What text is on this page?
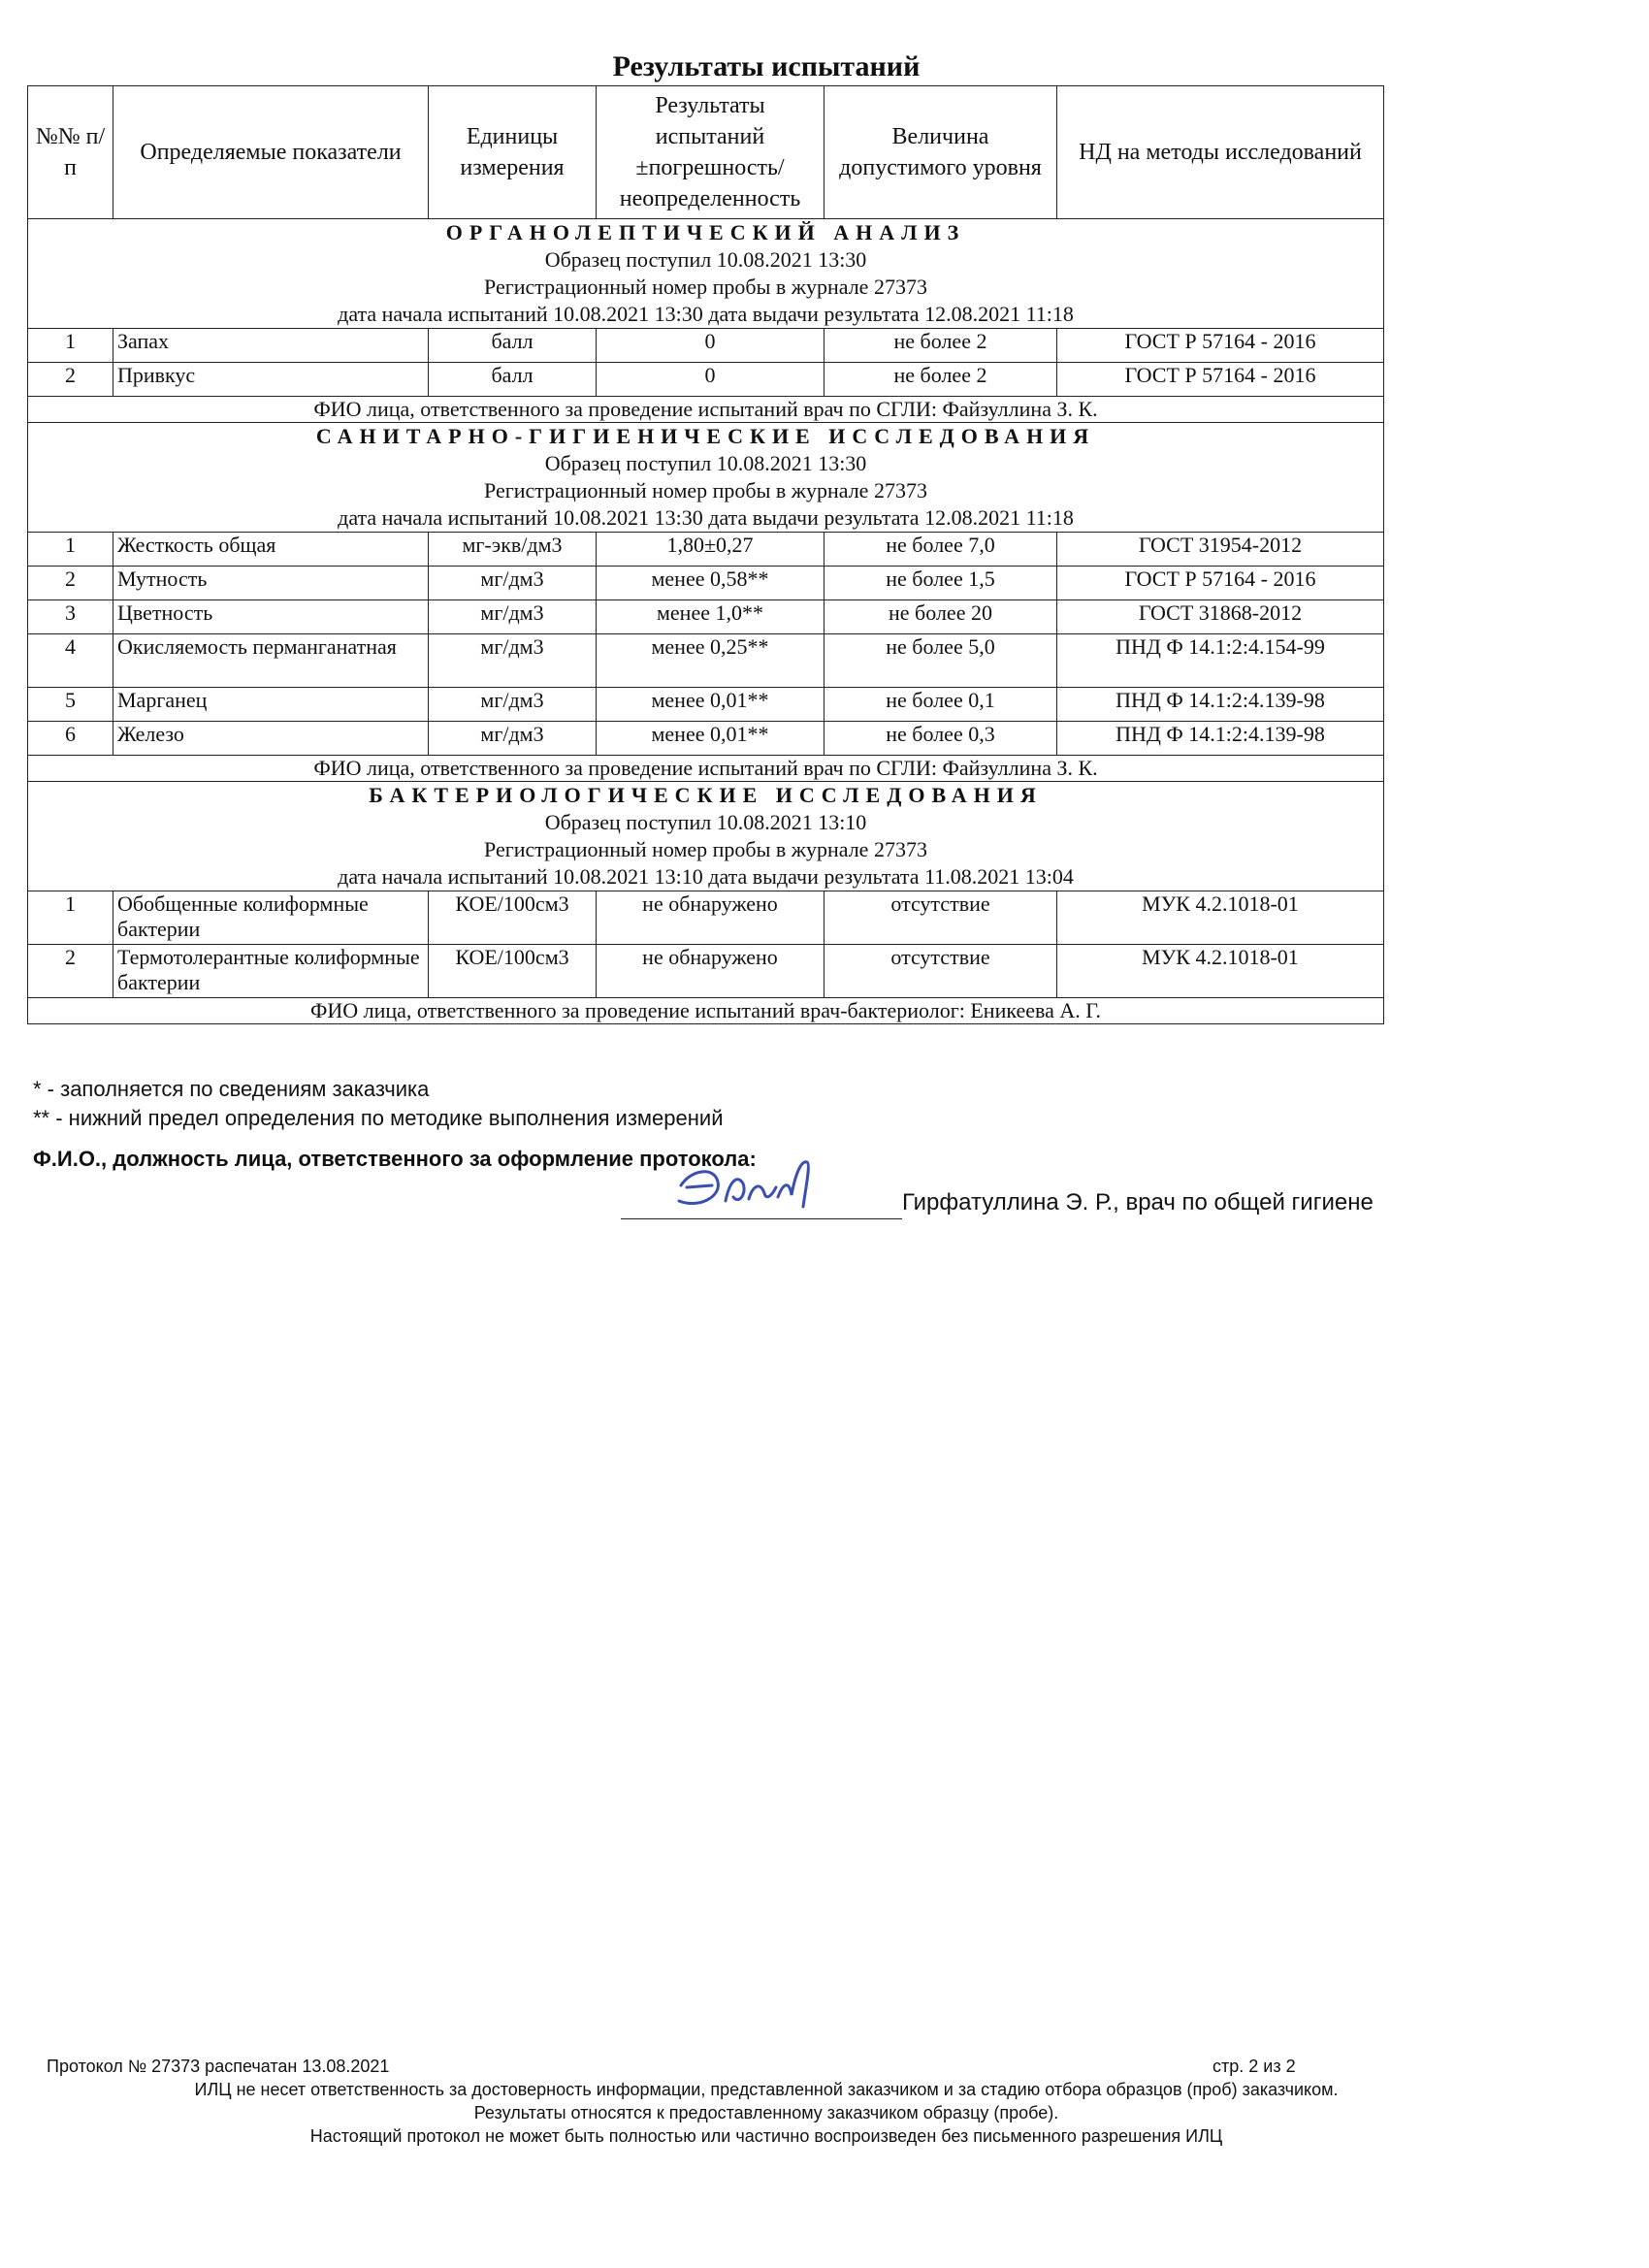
Результаты испытаний
№№ п/п	Определяемые показатели	Единицы измерения	Результаты испытаний ±погрешность/ неопределенность	Величина допустимого уровня	НД на методы исследований

ОРГАНОЛЕПТИЧЕСКИЙ АНАЛИЗ
Образец поступил 10.08.2021 13:30
Регистрационный номер пробы в журнале 27373
дата начала испытаний 10.08.2021 13:30 дата выдачи результата 12.08.2021 11:18					

1	Запах	балл	0	не более 2	ГОСТ Р 57164 - 2016
2	Привкус	балл	0	не более 2	ГОСТ Р 57164 - 2016
ФИО лица, ответственного за проведение испытаний врач по СГЛИ: Файзуллина З. К.					

САНИТАРНО-ГИГИЕНИЧЕСКИЕ ИССЛЕДОВАНИЯ
Образец поступил 10.08.2021 13:30
Регистрационный номер пробы в журнале 27373
дата начала испытаний 10.08.2021 13:30 дата выдачи результата 12.08.2021 11:18					

1	Жесткость общая	мг-экв/дм3	1,80±0,27	не более 7,0	ГОСТ 31954-2012
2	Мутность	мг/дм3	менее 0,58**	не более 1,5	ГОСТ Р 57164 - 2016
3	Цветность	мг/дм3	менее 1,0**	не более 20	ГОСТ 31868-2012
4	Окисляемость перманганатная	мг/дм3	менее 0,25**	не более 5,0	ПНД Ф 14.1:2:4.154-99
5	Марганец	мг/дм3	менее 0,01**	не более 0,1	ПНД Ф 14.1:2:4.139-98
6	Железо	мг/дм3	менее 0,01**	не более 0,3	ПНД Ф 14.1:2:4.139-98
ФИО лица, ответственного за проведение испытаний врач по СГЛИ: Файзуллина З. К.					

БАКТЕРИОЛОГИЧЕСКИЕ ИССЛЕДОВАНИЯ
Образец поступил 10.08.2021 13:10
Регистрационный номер пробы в журнале 27373
дата начала испытаний 10.08.2021 13:10 дата выдачи результата 11.08.2021 13:04					

1	Обобщенные колиформные бактерии	КОЕ/100см3	не обнаружено	отсутствие	МУК 4.2.1018-01
2	Термотолерантные колиформные бактерии	КОЕ/100см3	не обнаружено	отсутствие	МУК 4.2.1018-01
ФИО лица, ответственного за проведение испытаний врач-бактериолог: Еникеева А. Г.					
* - заполняется по сведениям заказчика
** - нижний предел определения по методике выполнения измерений
Ф.И.О., должность лица, ответственного за оформление протокола:
Гирфатуллина Э. Р., врач по общей гигиене
Протокол № 27373 распечатан 13.08.2021	стр. 2 из 2
ИЛЦ не несет ответственность за достоверность информации, представленной заказчиком и за стадию отбора образцов (проб) заказчиком.
Результаты относятся к предоставленному заказчиком образцу (пробе).
Настоящий протокол не может быть полностью или частично воспроизведен без письменного разрешения ИЛЦ
